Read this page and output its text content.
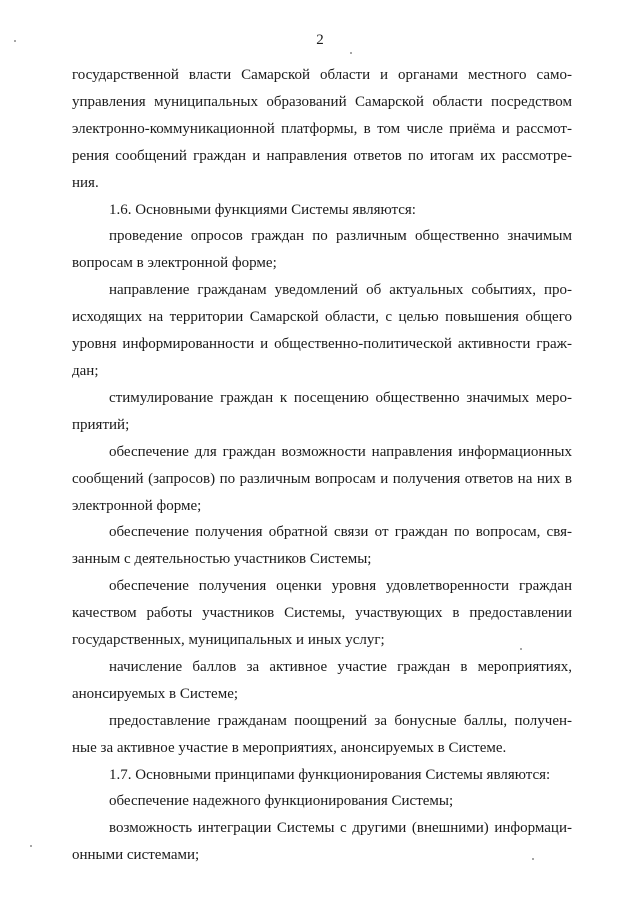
2
государственной власти Самарской области и органами местного само-
управления муниципальных образований Самарской области посредством
электронно-коммуникационной платформы, в том числе приёма и рассмот-
рения сообщений граждан и направления ответов по итогам их рассмотре-
ния.
1.6. Основными функциями Системы являются:
проведение опросов граждан по различным общественно значимым
вопросам в электронной форме;
направление гражданам уведомлений об актуальных событиях, про-
исходящих на территории Самарской области, с целью повышения общего
уровня информированности и общественно-политической активности граж-
дан;
стимулирование граждан к посещению общественно значимых меро-
приятий;
обеспечение для граждан возможности направления информационных
сообщений (запросов) по различным вопросам и получения ответов на них в
электронной форме;
обеспечение получения обратной связи от граждан по вопросам, свя-
занным с деятельностью участников Системы;
обеспечение получения оценки уровня удовлетворенности граждан
качеством работы участников Системы, участвующих в предоставлении
государственных, муниципальных и иных услуг;
начисление баллов за активное участие граждан в мероприятиях,
анонсируемых в Системе;
предоставление гражданам поощрений за бонусные баллы, получен-
ные за активное участие в мероприятиях, анонсируемых в Системе.
1.7. Основными принципами функционирования Системы являются:
обеспечение надежного функционирования Системы;
возможность интеграции Системы с другими (внешними) информаци-
онными системами;
